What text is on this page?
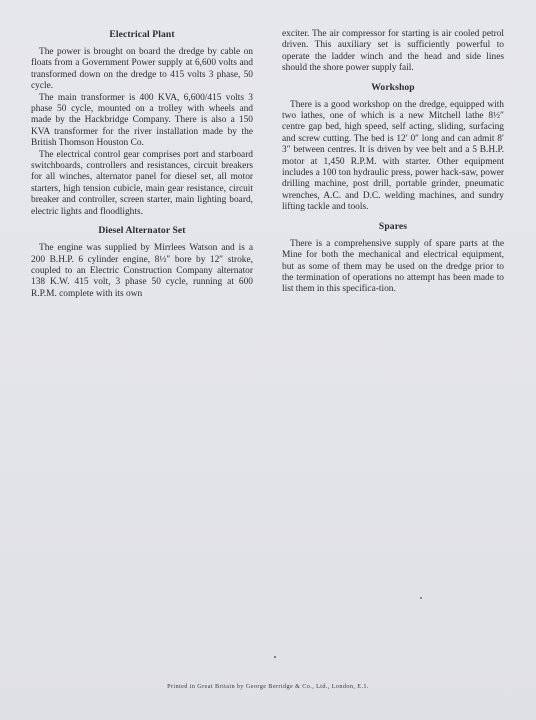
Electrical Plant

The power is brought on board the dredge by cable on floats from a Government Power supply at 6,600 volts and transformed down on the dredge to 415 volts 3 phase, 50 cycle.

The main transformer is 400 KVA, 6,600/415 volts 3 phase 50 cycle, mounted on a trolley with wheels and made by the Hackbridge Company. There is also a 150 KVA transformer for the river installation made by the British Thomson Houston Co.

The electrical control gear comprises port and starboard switchboards, controllers and resistances, circuit breakers for all winches, alternator panel for diesel set, all motor starters, high tension cubicle, main gear resistance, circuit breaker and controller, screen starter, main lighting board, electric lights and floodlights.

Diesel Alternator Set

The engine was supplied by Mirrlees Watson and is a 200 B.H.P. 6 cylinder engine, 8½″ bore by 12″ stroke, coupled to an Electric Construction Company alternator 138 K.W. 415 volt, 3 phase 50 cycle, running at 600 R.P.M. complete with its own

exciter. The air compressor for starting is air cooled petrol driven. This auxiliary set is sufficiently powerful to operate the ladder winch and the head and side lines should the shore power supply fail.

Workshop

There is a good workshop on the dredge, equipped with two lathes, one of which is a new Mitchell lathe 8½″ centre gap bed, high speed, self acting, sliding, surfacing and screw cutting. The bed is 12′ 0″ long and can admit 8′ 3″ between centres. It is driven by vee belt and a 5 B.H.P. motor at 1,450 R.P.M. with starter. Other equipment includes a 100 ton hydraulic press, power hack-saw, power drilling machine, post drill, portable grinder, pneumatic wrenches, A.C. and D.C. welding machines, and sundry lifting tackle and tools.

Spares

There is a comprehensive supply of spare parts at the Mine for both the mechanical and electrical equipment, but as some of them may be used on the dredge prior to the termination of operations no attempt has been made to list them in this specifica-tion.

Printed in Great Britain by George Berridge & Co., Ltd., London, E.1.
